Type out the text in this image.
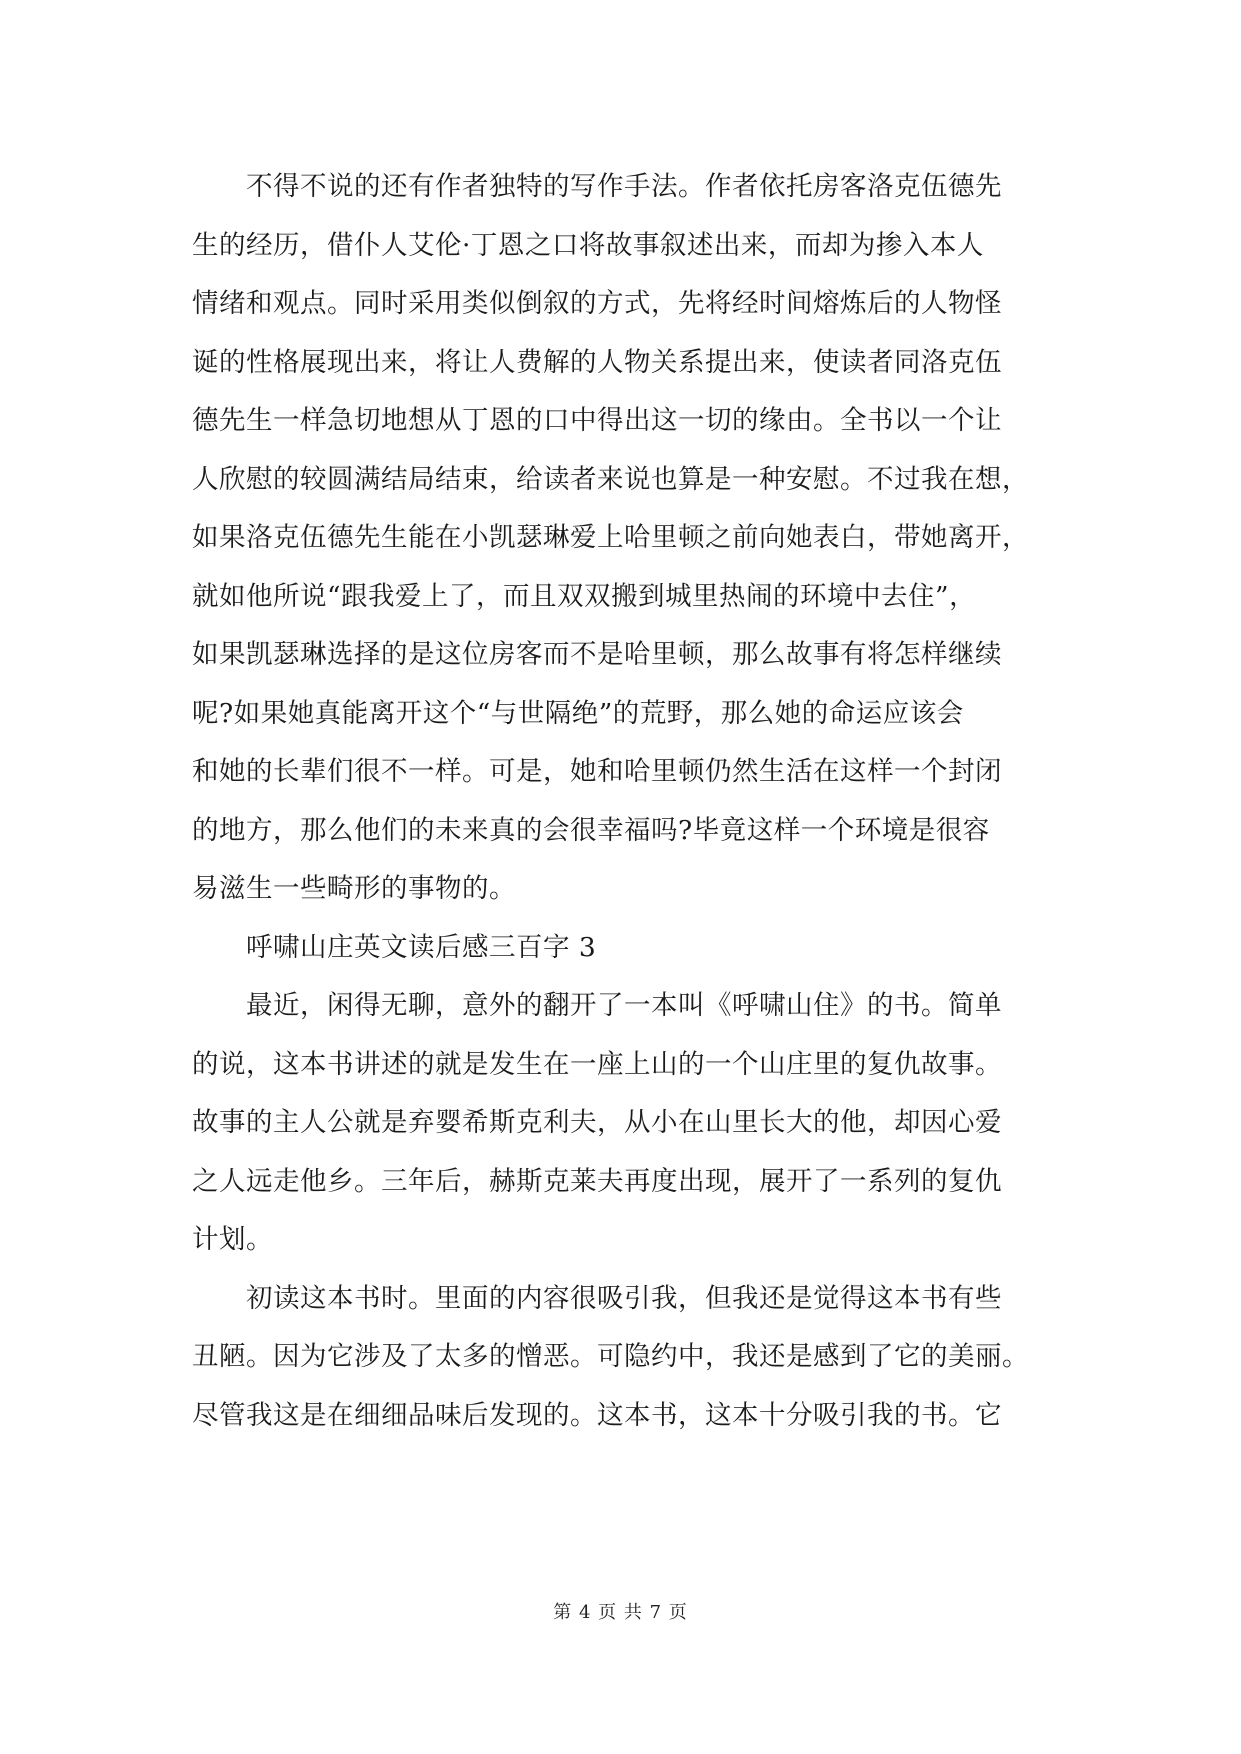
　　不得不说的还有作者独特的写作手法。作者依托房客洛克伍德先
生的经历，借仆人艾伦·丁恩之口将故事叙述出来，而却为掺入本人
情绪和观点。同时采用类似倒叙的方式，先将经时间熔炼后的人物怪
诞的性格展现出来，将让人费解的人物关系提出来，使读者同洛克伍
德先生一样急切地想从丁恩的口中得出这一切的缘由。全书以一个让
人欣慰的较圆满结局结束，给读者来说也算是一种安慰。不过我在想，
如果洛克伍德先生能在小凯瑟琳爱上哈里顿之前向她表白，带她离开，
就如他所说“跟我爱上了，而且双双搬到城里热闹的环境中去住”，
如果凯瑟琳选择的是这位房客而不是哈里顿，那么故事有将怎样继续
呢?如果她真能离开这个“与世隔绝”的荒野，那么她的命运应该会
和她的长辈们很不一样。可是，她和哈里顿仍然生活在这样一个封闭
的地方，那么他们的未来真的会很幸福吗?毕竟这样一个环境是很容
易滋生一些畸形的事物的。
　　呼啸山庄英文读后感三百字 3
　　最近，闲得无聊，意外的翻开了一本叫《呼啸山住》的书。简单
的说，这本书讲述的就是发生在一座上山的一个山庄里的复仇故事。
故事的主人公就是弃婴希斯克利夫，从小在山里长大的他，却因心爱
之人远走他乡。三年后，赫斯克莱夫再度出现，展开了一系列的复仇
计划。
　　初读这本书时。里面的内容很吸引我，但我还是觉得这本书有些
丑陋。因为它涉及了太多的憎恶。可隐约中，我还是感到了它的美丽。
尽管我这是在细细品味后发现的。这本书，这本十分吸引我的书。它
第 4 页 共 7 页
